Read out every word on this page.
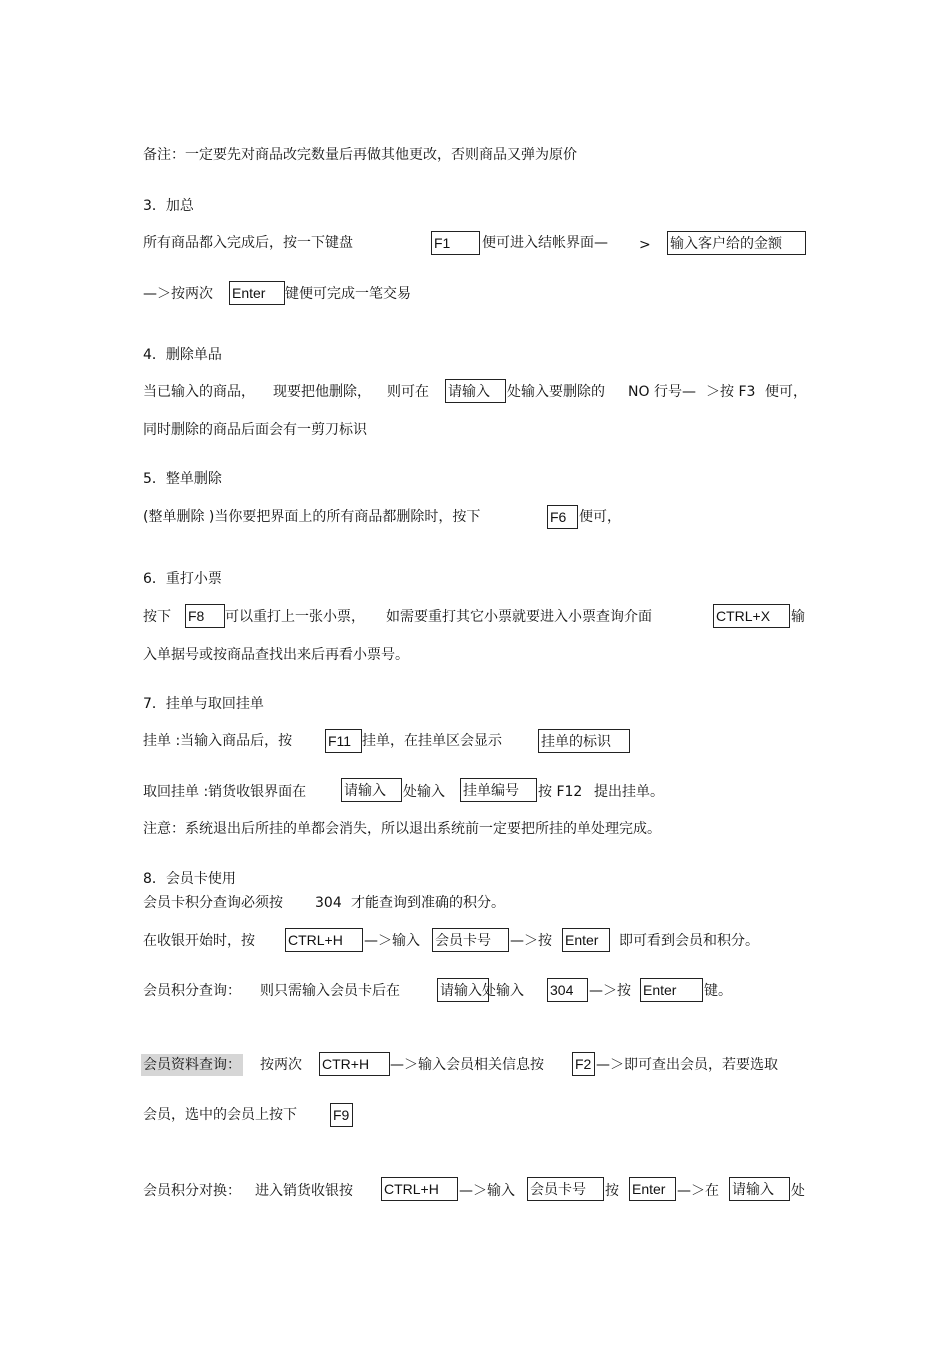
备注：一定要先对商品改完数量后再做其他更改，否则商品又弹为原价
3．加总
所有商品都入完成后，按一下键盘	F1	便可进入结帐界面— > 输入客户给的金额
—＞按两次 Enter	键便可完成一笔交易
4．删除单品
当已输入的商品， 现要把他删除， 则可在 请输入	处输入要删除的 NO 行号— ＞按 F3 便可，
同时删除的商品后面会有一剪刀标识
5．整单删除
(整单删除 )当你要把界面上的所有商品都删除时，按下	F6 便可，
6．重打小票
按下 F8	可以重打上一张小票， 如需要重打其它小票就要进入小票查询介面	CTRL+X	输
入单据号或按商品查找出来后再看小票号。
7．挂单与取回挂单
挂单 :当输入商品后，按	F11 挂单，在挂单区会显示	挂单的标识
取回挂单 :销货收银界面在	请输入	处输入 挂单编号	按 F12 提出挂单。
注意：系统退出后所挂的单都会消失，所以退出系统前一定要把所挂的单处理完成。
8．会员卡使用
会员卡积分查询必须按 304 才能查询到准确的积分。
在收银开始时，按 CTRL+H	—＞输入 会员卡号	—＞按 Enter	即可看到会员和积分。
会员积分查询： 则只需输入会员卡后在	请输入 处输入 304	—＞按 Enter	键。
会员资料查询： 按两次 CTR+H	—＞输入会员相关信息按 F2 —＞即可查出会员，若要选取
会员，选中的会员上按下	F9
会员积分对换： 进入销货收银按 CTRL+H	—＞输入 会员卡号	按 Enter —＞在 请输入	处
